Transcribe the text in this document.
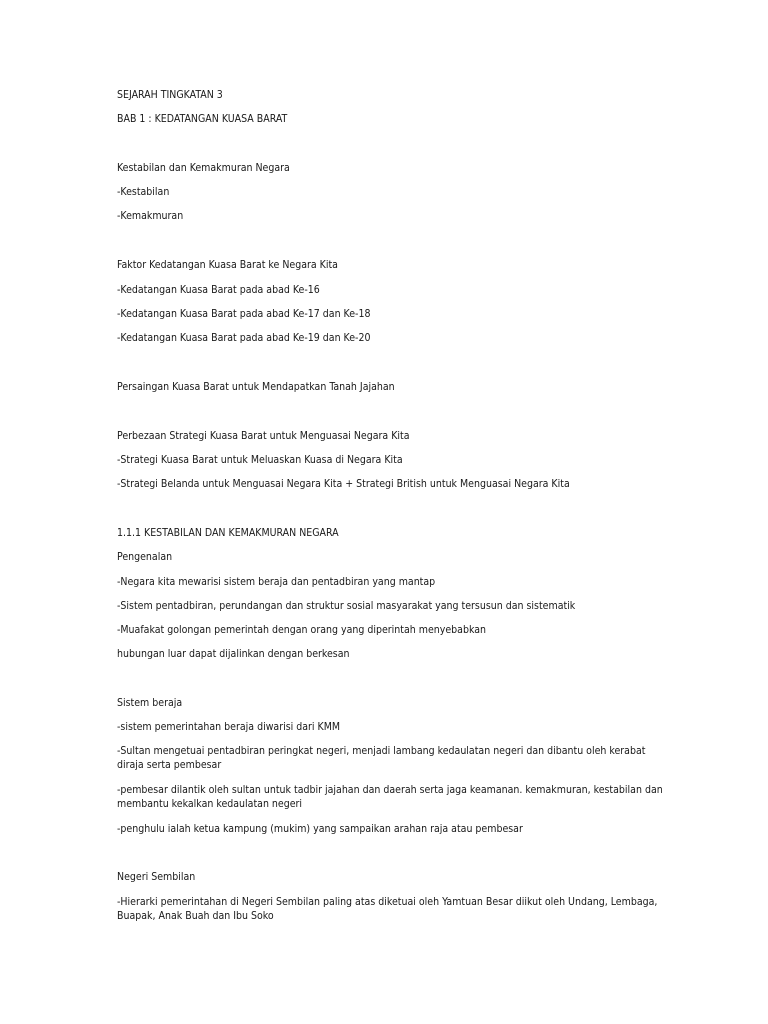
SEJARAH TINGKATAN 3
BAB 1 : KEDATANGAN KUASA BARAT
Kestabilan dan Kemakmuran Negara
-Kestabilan
-Kemakmuran
Faktor Kedatangan Kuasa Barat ke Negara Kita
-Kedatangan Kuasa Barat pada abad Ke-16
-Kedatangan Kuasa Barat pada abad Ke-17 dan Ke-18
-Kedatangan Kuasa Barat pada abad Ke-19 dan Ke-20
Persaingan Kuasa Barat untuk Mendapatkan Tanah Jajahan
Perbezaan Strategi Kuasa Barat untuk Menguasai Negara Kita
-Strategi Kuasa Barat untuk Meluaskan Kuasa di Negara Kita
-Strategi Belanda untuk Menguasai Negara Kita + Strategi British untuk Menguasai Negara Kita
1.1.1 KESTABILAN DAN KEMAKMURAN NEGARA
Pengenalan
-Negara kita mewarisi sistem beraja dan pentadbiran yang mantap
-Sistem pentadbiran, perundangan dan struktur sosial masyarakat yang tersusun dan sistematik
-Muafakat golongan pemerintah dengan orang yang diperintah menyebabkan
hubungan luar dapat dijalinkan dengan berkesan
Sistem beraja
-sistem pemerintahan beraja diwarisi dari KMM
-Sultan mengetuai pentadbiran peringkat negeri, menjadi lambang kedaulatan negeri dan dibantu oleh kerabat
diraja serta pembesar
-pembesar dilantik oleh sultan untuk tadbir jajahan dan daerah serta jaga keamanan. kemakmuran, kestabilan dan
membantu kekalkan kedaulatan negeri
-penghulu ialah ketua kampung (mukim) yang sampaikan arahan raja atau pembesar
Negeri Sembilan
-Hierarki pemerintahan di Negeri Sembilan paling atas diketuai oleh Yamtuan Besar diikut oleh Undang, Lembaga,
Buapak, Anak Buah dan Ibu Soko
